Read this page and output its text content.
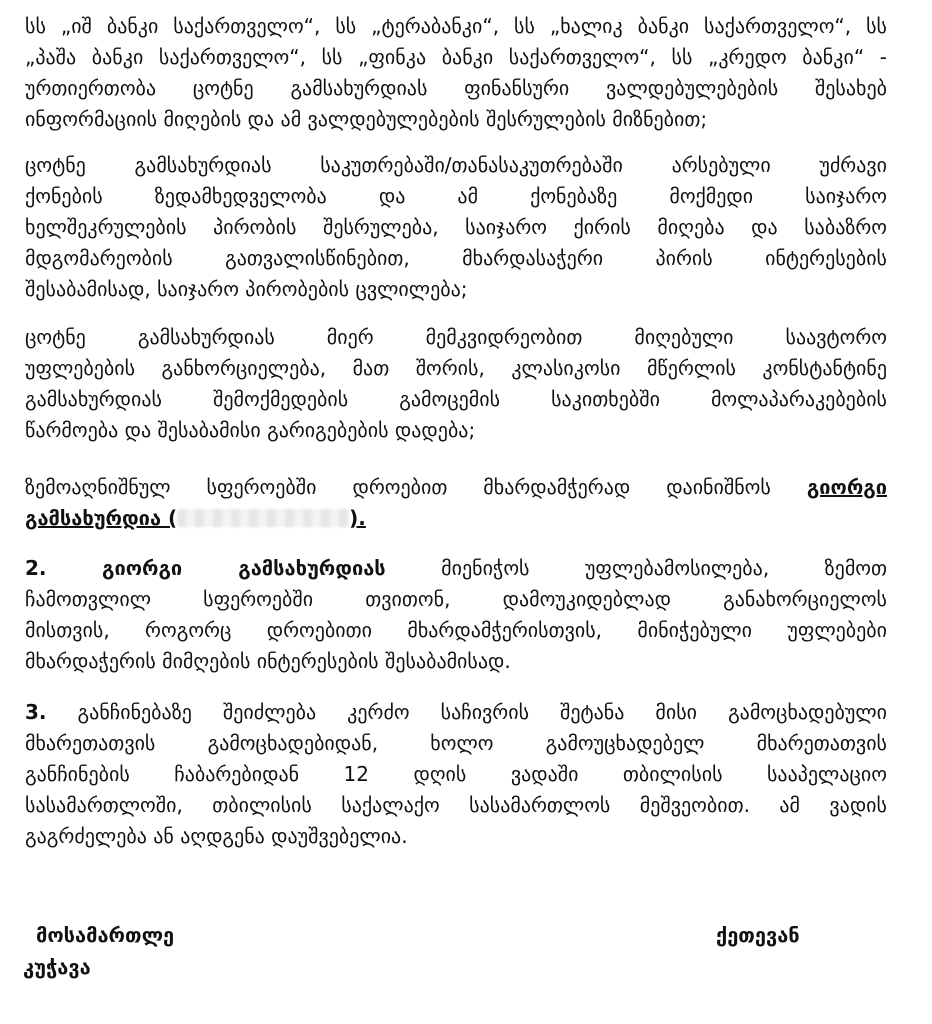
სს „იშ ბანკი საქართველო“, სს „ტერაბანკი“, სს „ხალიკ ბანკი საქართველო“, სს
„პაშა ბანკი საქართველო“, სს „ფინკა ბანკი საქართველო“, სს „კრედო ბანკი“ -
ურთიერთობა ცოტნე გამსახურდიას ფინანსური ვალდებულებების შესახებ
ინფორმაციის მიღების და ამ ვალდებულებების შესრულების მიზნებით;
ცოტნე გამსახურდიას საკუთრებაში/თანასაკუთრებაში არსებული უძრავი
ქონების ზედამხედველობა და ამ ქონებაზე მოქმედი საიჯარო
ხელშეკრულების პირობის შესრულება, საიჯარო ქირის მიღება და საბაზრო
მდგომარეობის გათვალისწინებით, მხარდასაჭერი პირის ინტერესების
შესაბამისად, საიჯარო პირობების ცვლილება;
ცოტნე გამსახურდიას მიერ მემკვიდრეობით მიღებული საავტორო
უფლებების განხორციელება, მათ შორის, კლასიკოსი მწერლის კონსტანტინე
გამსახურდიას შემოქმედების გამოცემის საკითხებში მოლაპარაკებების
წარმოება და შესაბამისი გარიგებების დადება;
ზემოაღნიშნულ სფეროებში დროებით მხარდამჭერად დაინიშნოს გიორგი
გამსახურდია (	).
2.	გიორგი გამსახურდიას	მიენიჭოს უფლებამოსილება, ზემოთ
ჩამოთვლილ სფეროებში თვითონ, დამოუკიდებლად განახორციელოს
მისთვის, როგორც დროებითი მხარდამჭერისთვის, მინიჭებული უფლებები
მხარდაჭერის მიმღების ინტერესების შესაბამისად.
3. განჩინებაზე შეიძლება კერძო საჩივრის შეტანა მისი გამოცხადებული
მხარეთათვის გამოცხადებიდან, ხოლო გამოუცხადებელ მხარეთათვის
განჩინების ჩაბარებიდან 12 დღის ვადაში თბილისის სააპელაციო
სასამართლოში, თბილისის საქალაქო სასამართლოს მეშვეობით. ამ ვადის
გაგრძელება ან აღდგენა დაუშვებელია.
მოსამართლე	ქეთევან
კუჭავა
